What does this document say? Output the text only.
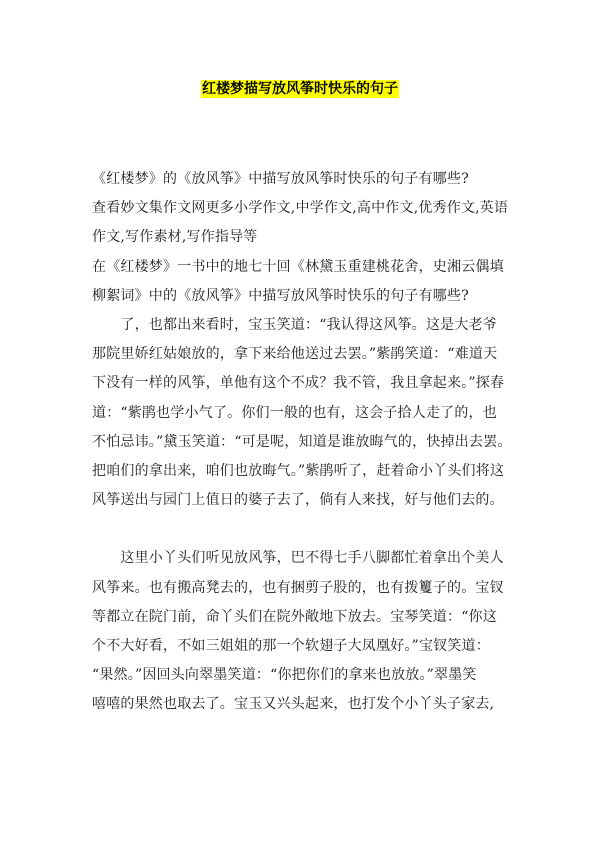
红楼梦描写放风筝时快乐的句子

《红楼梦》的《放风筝》中描写放风筝时快乐的句子有哪些?

查看妙文集作文网更多小学作文,中学作文,高中作文,优秀作文,英语

作文,写作素材,写作指导等

在《红楼梦》一书中的地七十回《林黛玉重建桃花舍，史湘云偶填

柳絮词》中的《放风筝》中描写放风筝时快乐的句子有哪些?

　　了，也都出来看时，宝玉笑道：“我认得这风筝。这是大老爷

那院里娇红姑娘放的，拿下来给他送过去罢。”紫鹃笑道：“难道天

下没有一样的风筝，单他有这个不成？我不管，我且拿起来。”探春

道：“紫鹃也学小气了。你们一般的也有，这会子拾人走了的，也

不怕忌讳。”黛玉笑道：“可是呢，知道是谁放晦气的，快掉出去罢。

把咱们的拿出来，咱们也放晦气。”紫鹃听了，赶着命小丫头们将这

风筝送出与园门上值日的婆子去了，倘有人来找，好与他们去的。

　　这里小丫头们听见放风筝，巴不得七手八脚都忙着拿出个美人

风筝来。也有搬高凳去的，也有捆剪子股的，也有拨籰子的。宝钗

等都立在院门前，命丫头们在院外敞地下放去。宝琴笑道：“你这

个不大好看，不如三姐姐的那一个软翅子大凤凰好。”宝钗笑道：

“果然。”因回头向翠墨笑道：“你把你们的拿来也放放。”翠墨笑

嘻嘻的果然也取去了。宝玉又兴头起来，也打发个小丫头子家去,
